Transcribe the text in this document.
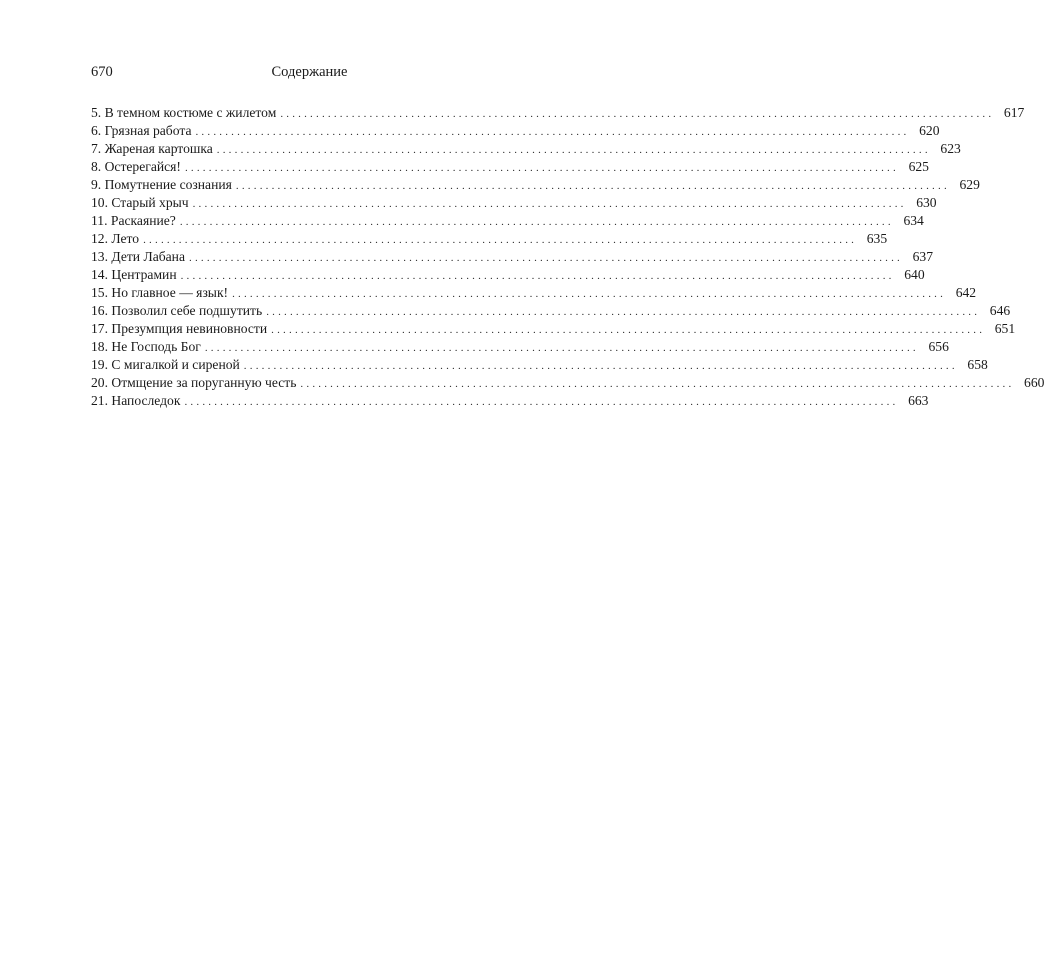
670	Содержание
5. В темном костюме с жилетом ........................................................................................................................ 617
6. Грязная работа ........................................................................................................................ 620
7. Жареная картошка ........................................................................................................................ 623
8. Остерегайся! ........................................................................................................................ 625
9. Помутнение сознания ........................................................................................................................ 629
10. Старый хрыч ........................................................................................................................ 630
11. Раскаяние? ........................................................................................................................ 634
12. Лето ........................................................................................................................ 635
13. Дети Лабана ........................................................................................................................ 637
14. Центрамин ........................................................................................................................ 640
15. Но главное — язык! ........................................................................................................................ 642
16. Позволил себе подшутить ........................................................................................................................ 646
17. Презумпция невиновности ........................................................................................................................ 651
18. Не Господь Бог ........................................................................................................................ 656
19. С мигалкой и сиреной ........................................................................................................................ 658
20. Отмщение за поруганную честь ........................................................................................................................ 660
21. Напоследок ........................................................................................................................ 663
